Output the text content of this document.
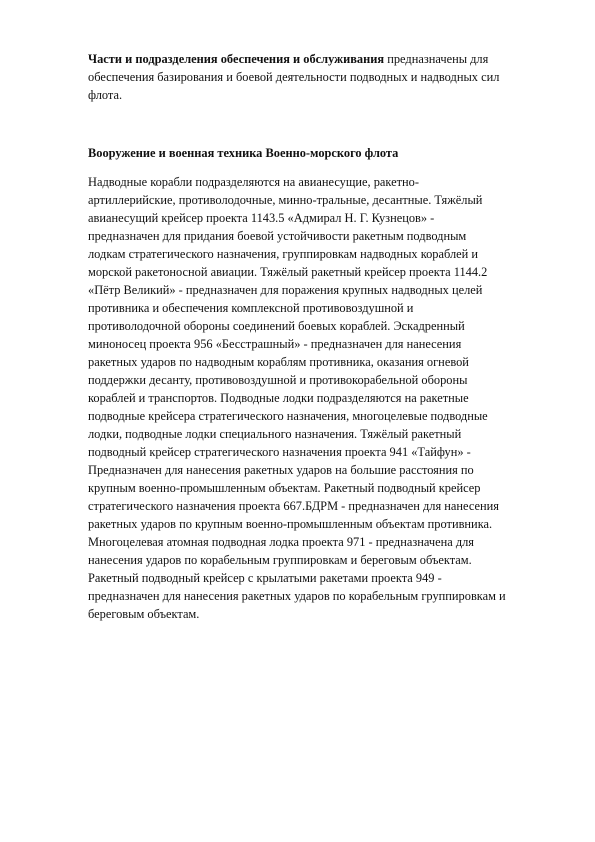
Части и подразделения обеспечения и обслуживания предназначены для
обеспечения базирования и боевой деятельности подводных и надводных сил
флота.
Вооружение и военная техника Военно-морского флота
Надводные корабли подразделяются на авианесущие, ракетно-
артиллерийские, противолодочные, минно-тральные, десантные. Тяжёлый
авианесущий крейсер проекта 1143.5 «Адмирал Н. Г. Кузнецов» -
предназначен для придания боевой устойчивости ракетным подводным
лодкам стратегического назначения, группировкам надводных кораблей и
морской ракетоносной авиации. Тяжёлый ракетный крейсер проекта 1144.2
«Пётр Великий» - предназначен для поражения крупных надводных целей
противника и обеспечения комплексной противовоздушной и
противолодочной обороны соединений боевых кораблей. Эскадренный
миноносец проекта 956 «Бесстрашный» - предназначен для нанесения
ракетных ударов по надводным кораблям противника, оказания огневой
поддержки десанту, противовоздушной и противокорабельной обороны
кораблей и транспортов. Подводные лодки подразделяются на ракетные
подводные крейсера стратегического назначения, многоцелевые подводные
лодки, подводные лодки специального назначения. Тяжёлый ракетный
подводный крейсер стратегического назначения проекта 941 «Тайфун» -
Предназначен для нанесения ракетных ударов на большие расстояния по
крупным военно-промышленным объектам. Ракетный подводный крейсер
стратегического назначения проекта 667.БДРМ - предназначен для нанесения
ракетных ударов по крупным военно-промышленным объектам противника.
Многоцелевая атомная подводная лодка проекта 971 - предназначена для
нанесения ударов по корабельным группировкам и береговым объектам.
Ракетный подводный крейсер с крылатыми ракетами проекта 949 -
предназначен для нанесения ракетных ударов по корабельным группировкам и
береговым объектам.
